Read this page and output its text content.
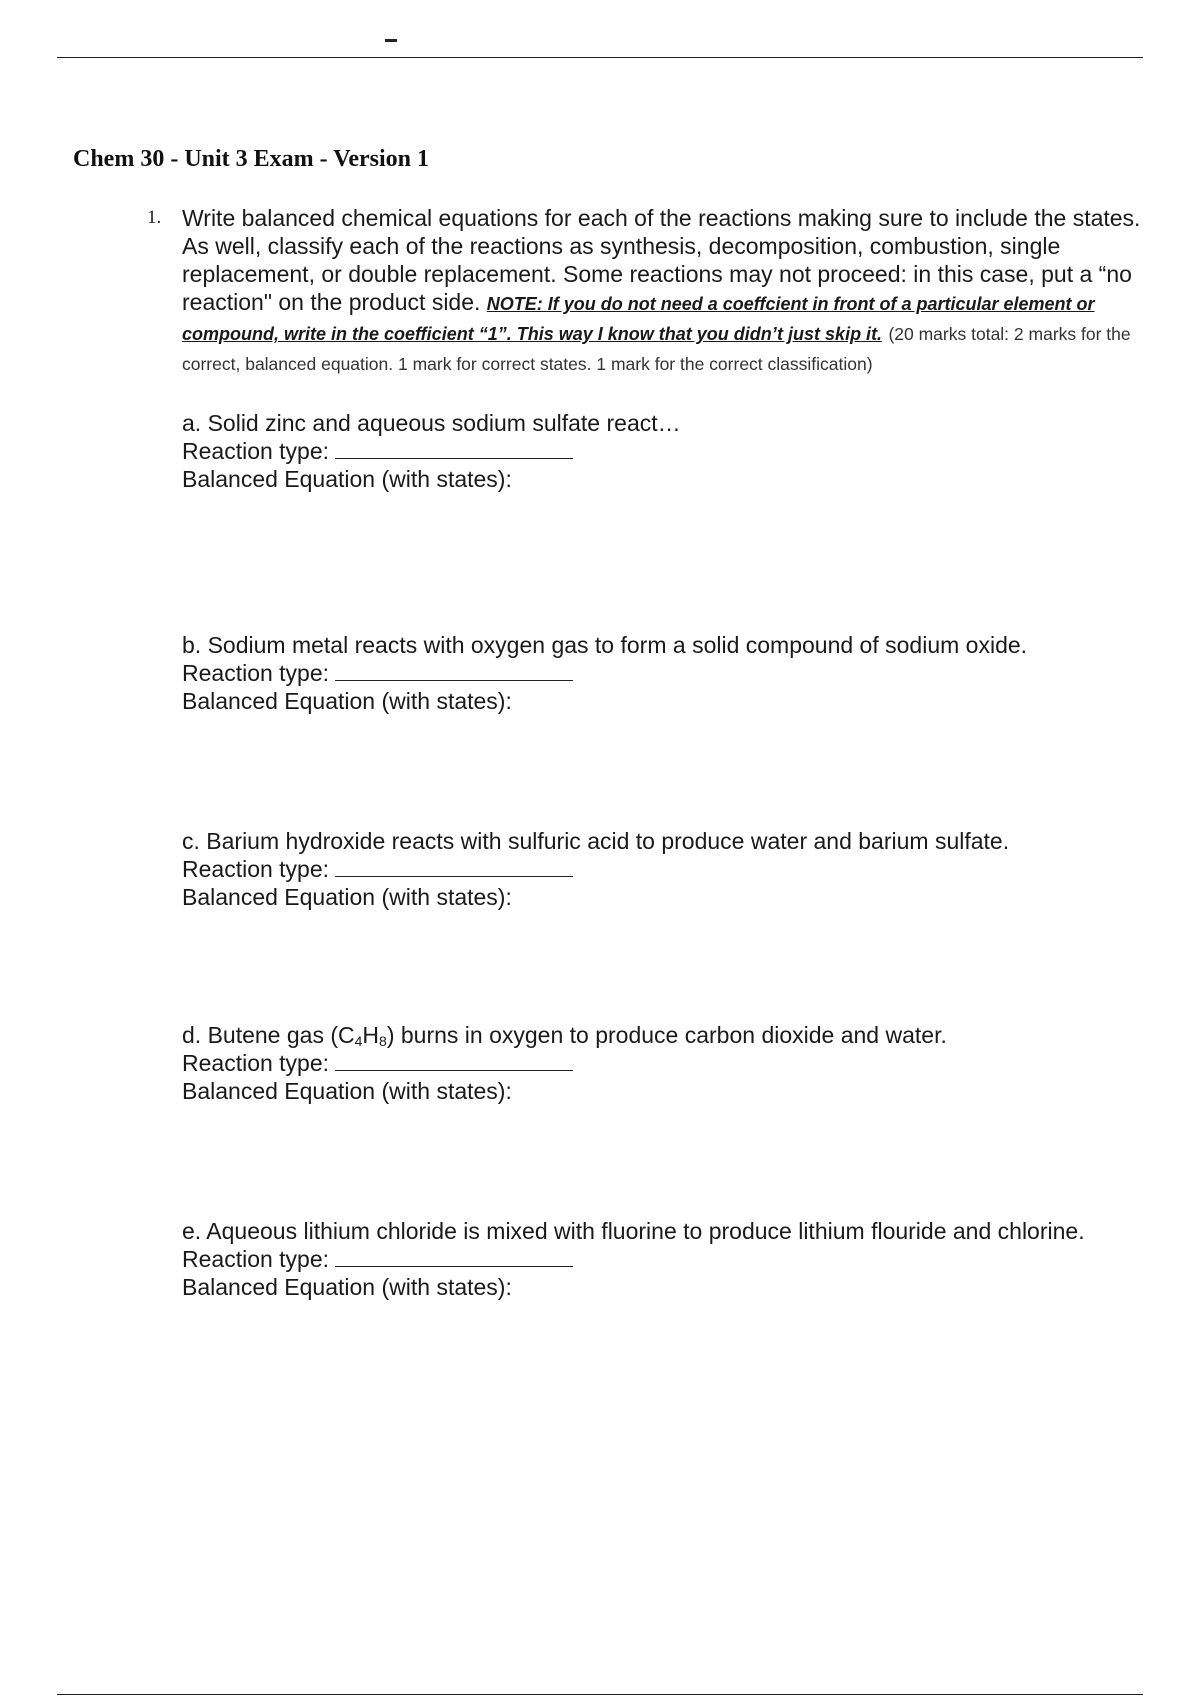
Chem 30 - Unit 3 Exam - Version 1
1. Write balanced chemical equations for each of the reactions making sure to include the states. As well, classify each of the reactions as synthesis, decomposition, combustion, single replacement, or double replacement. Some reactions may not proceed: in this case, put a “no reaction" on the product side. NOTE: If you do not need a coeffcient in front of a particular element or compound, write in the coefficient “1”. This way I know that you didn’t just skip it. (20 marks total: 2 marks for the correct, balanced equation. 1 mark for correct states. 1 mark for the correct classification)
a. Solid zinc and aqueous sodium sulfate react…
Reaction type:
Balanced Equation (with states):
b. Sodium metal reacts with oxygen gas to form a solid compound of sodium oxide.
Reaction type:
Balanced Equation (with states):
c. Barium hydroxide reacts with sulfuric acid to produce water and barium sulfate.
Reaction type:
Balanced Equation (with states):
d. Butene gas $(C_4H_8)$ burns in oxygen to produce carbon dioxide and water.
Reaction type:
Balanced Equation (with states):
e. Aqueous lithium chloride is mixed with fluorine to produce lithium flouride and chlorine.
Reaction type:
Balanced Equation (with states):
